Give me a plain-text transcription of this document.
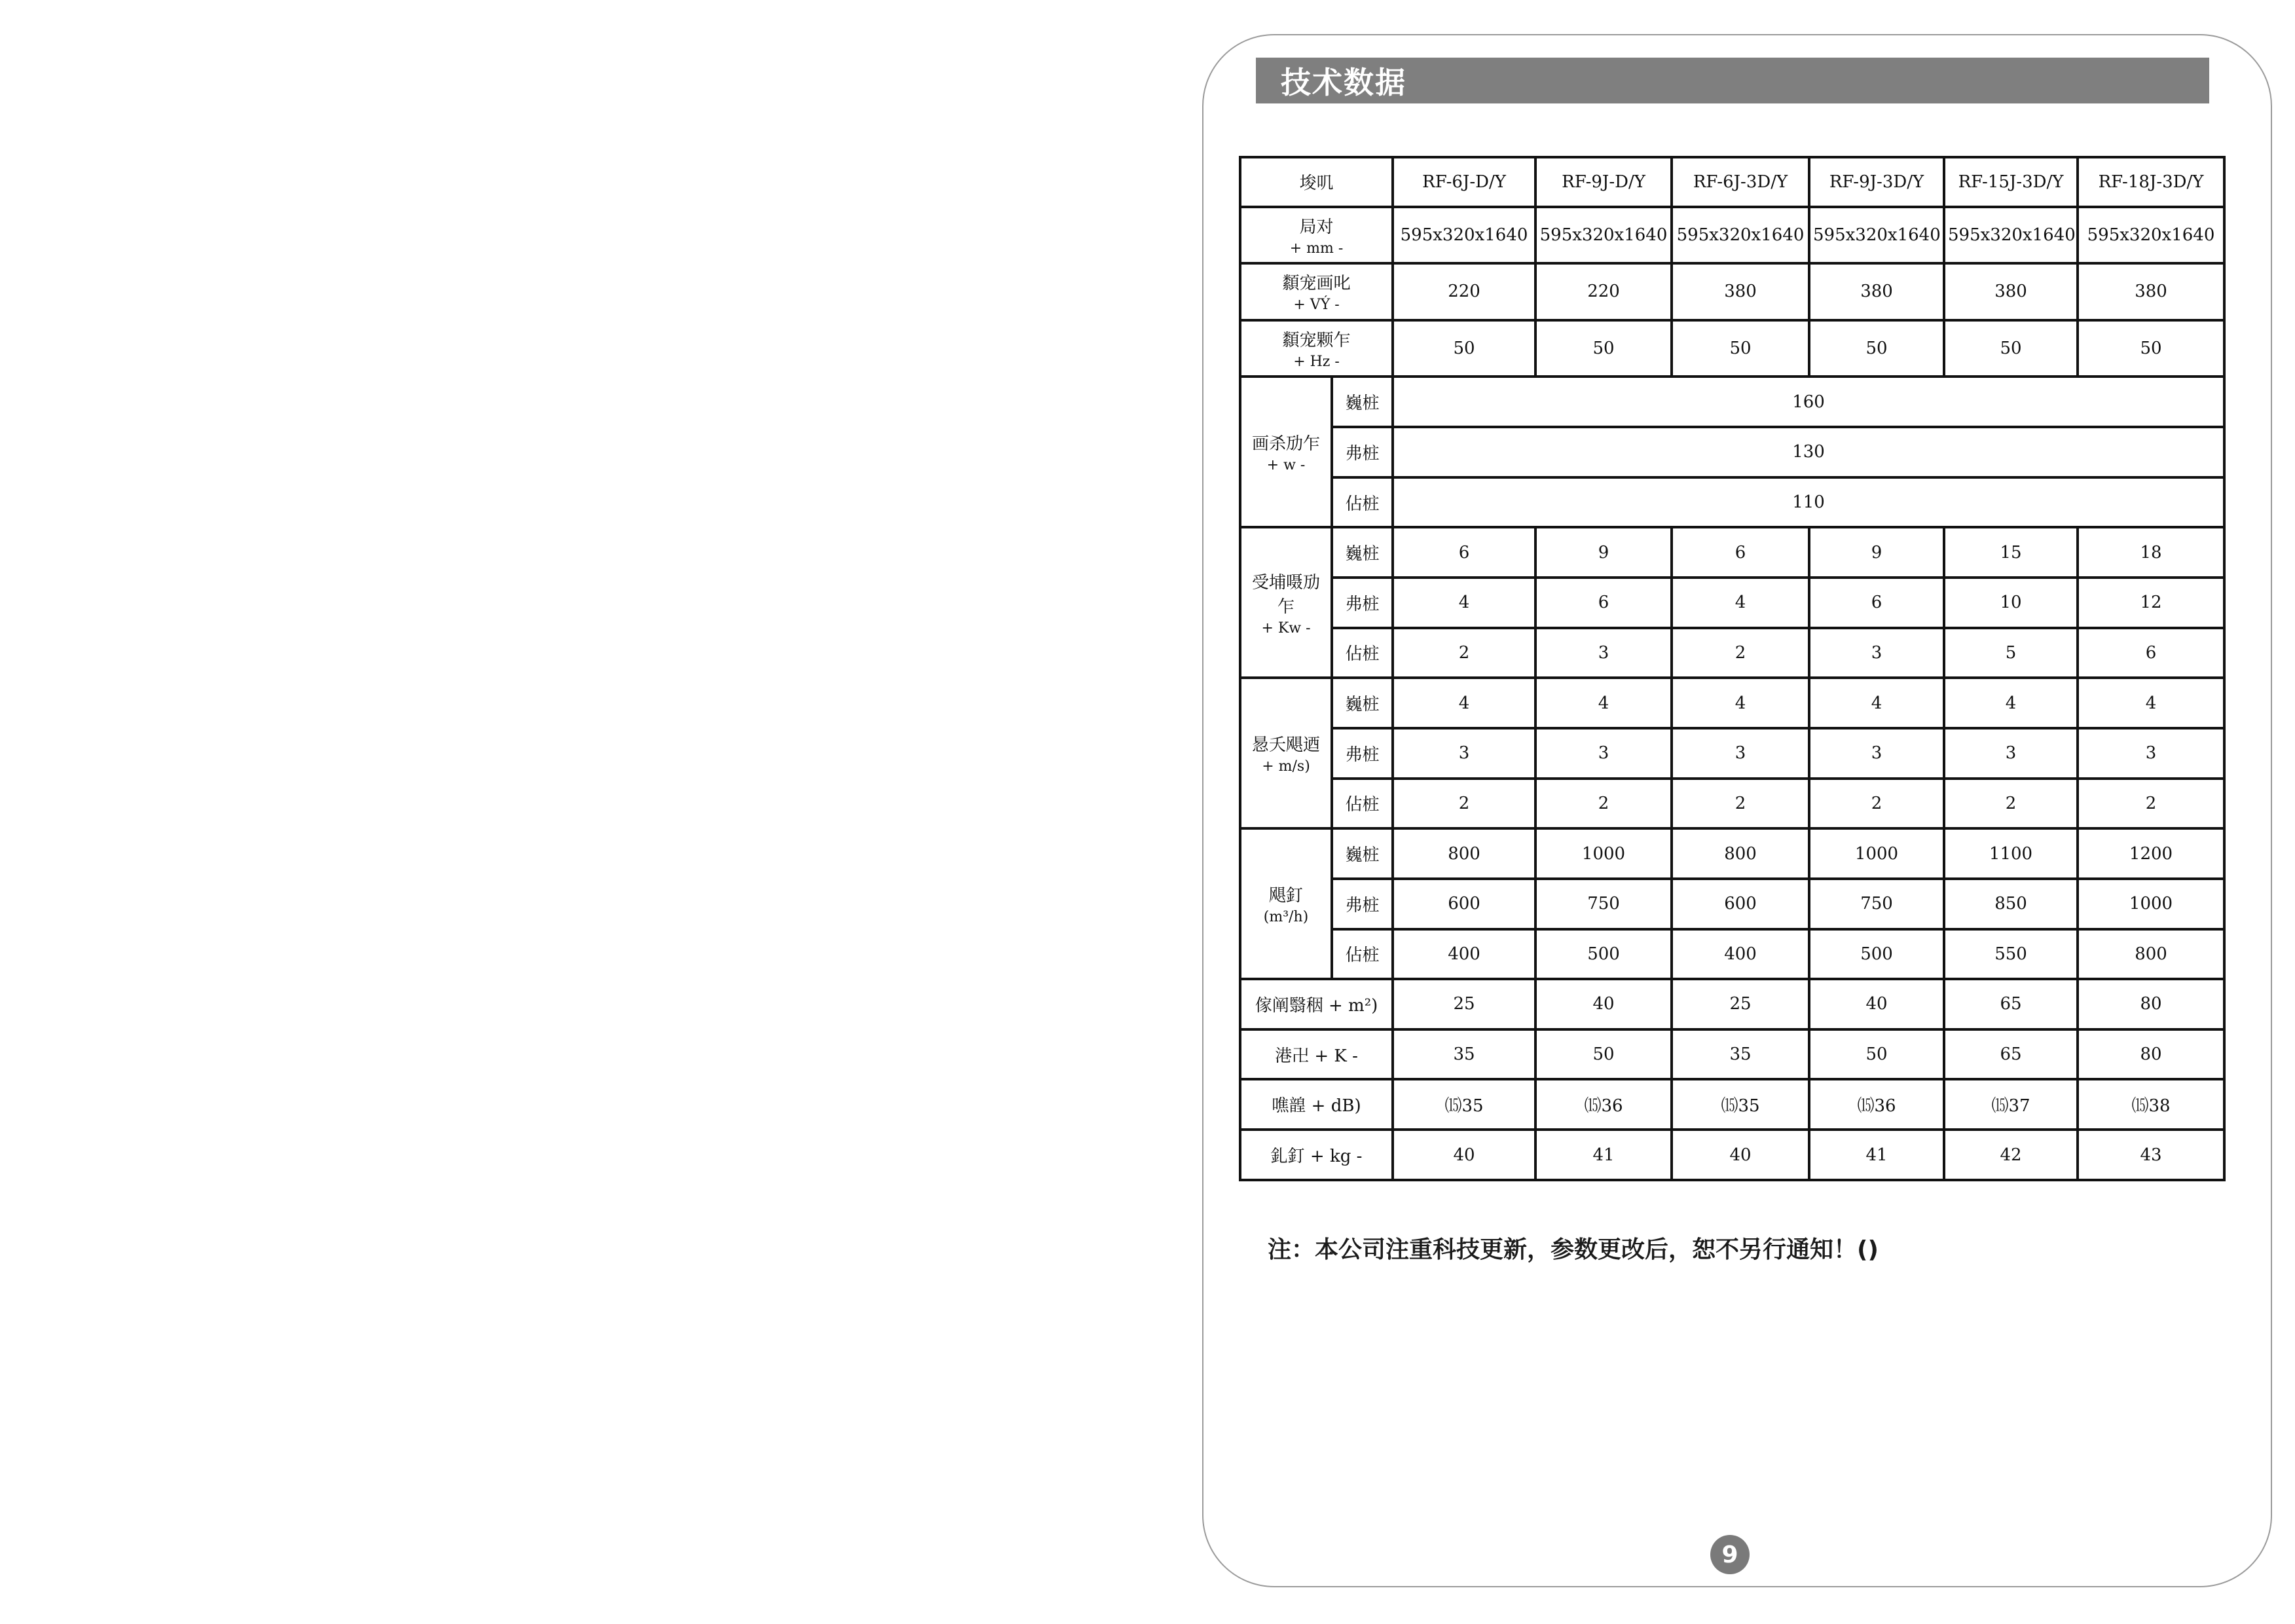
技术数据
埈叽		RF-6J-D/Y	RF-9J-D/Y	RF-6J-3D/Y	RF-9J-3D/Y	RF-15J-3D/Y	RF-18J-3D/Y
局对
+ mm -		595x320x1640	595x320x1640	595x320x1640	595x320x1640	595x320x1640	595x320x1640
纇宠画叱
+ VÝ -		220	220	380	380	380	380
纇宠颗乍
+ Hz -		50	50	50	50	50	50
画杀劢乍
+ w -	巍桩	160					
	弗桩	130					
	佔桩	110					
受埔嗫劢乍
+ Kw -	巍桩	6	9	6	9	15	18
	弗桩	4	6	4	6	10	12
	佔桩	2	3	2	3	5	6
惖夭飓迺
+ m/s)	巍桩	4	4	4	4	4	4
	弗桩	3	3	3	3	3	3
	佔桩	2	2	2	2	2	2
飓釘
(m³/h)	巍桩	800	1000	800	1000	1100	1200
	弗桩	600	750	600	750	850	1000
	佔桩	400	500	400	500	550	800
傢阐翳秵 + m²)		25	40	25	40	65	80
港卍 + K -		35	50	35	50	65	80
噍韹 + dB)		⒂35	⒂36	⒂35	⒂36	⒂37	⒂38
釓釘 + kg -		40	41	40	41	42	43
注：本公司注重科技更新，参数更改后，恕不另行通知！()
9
